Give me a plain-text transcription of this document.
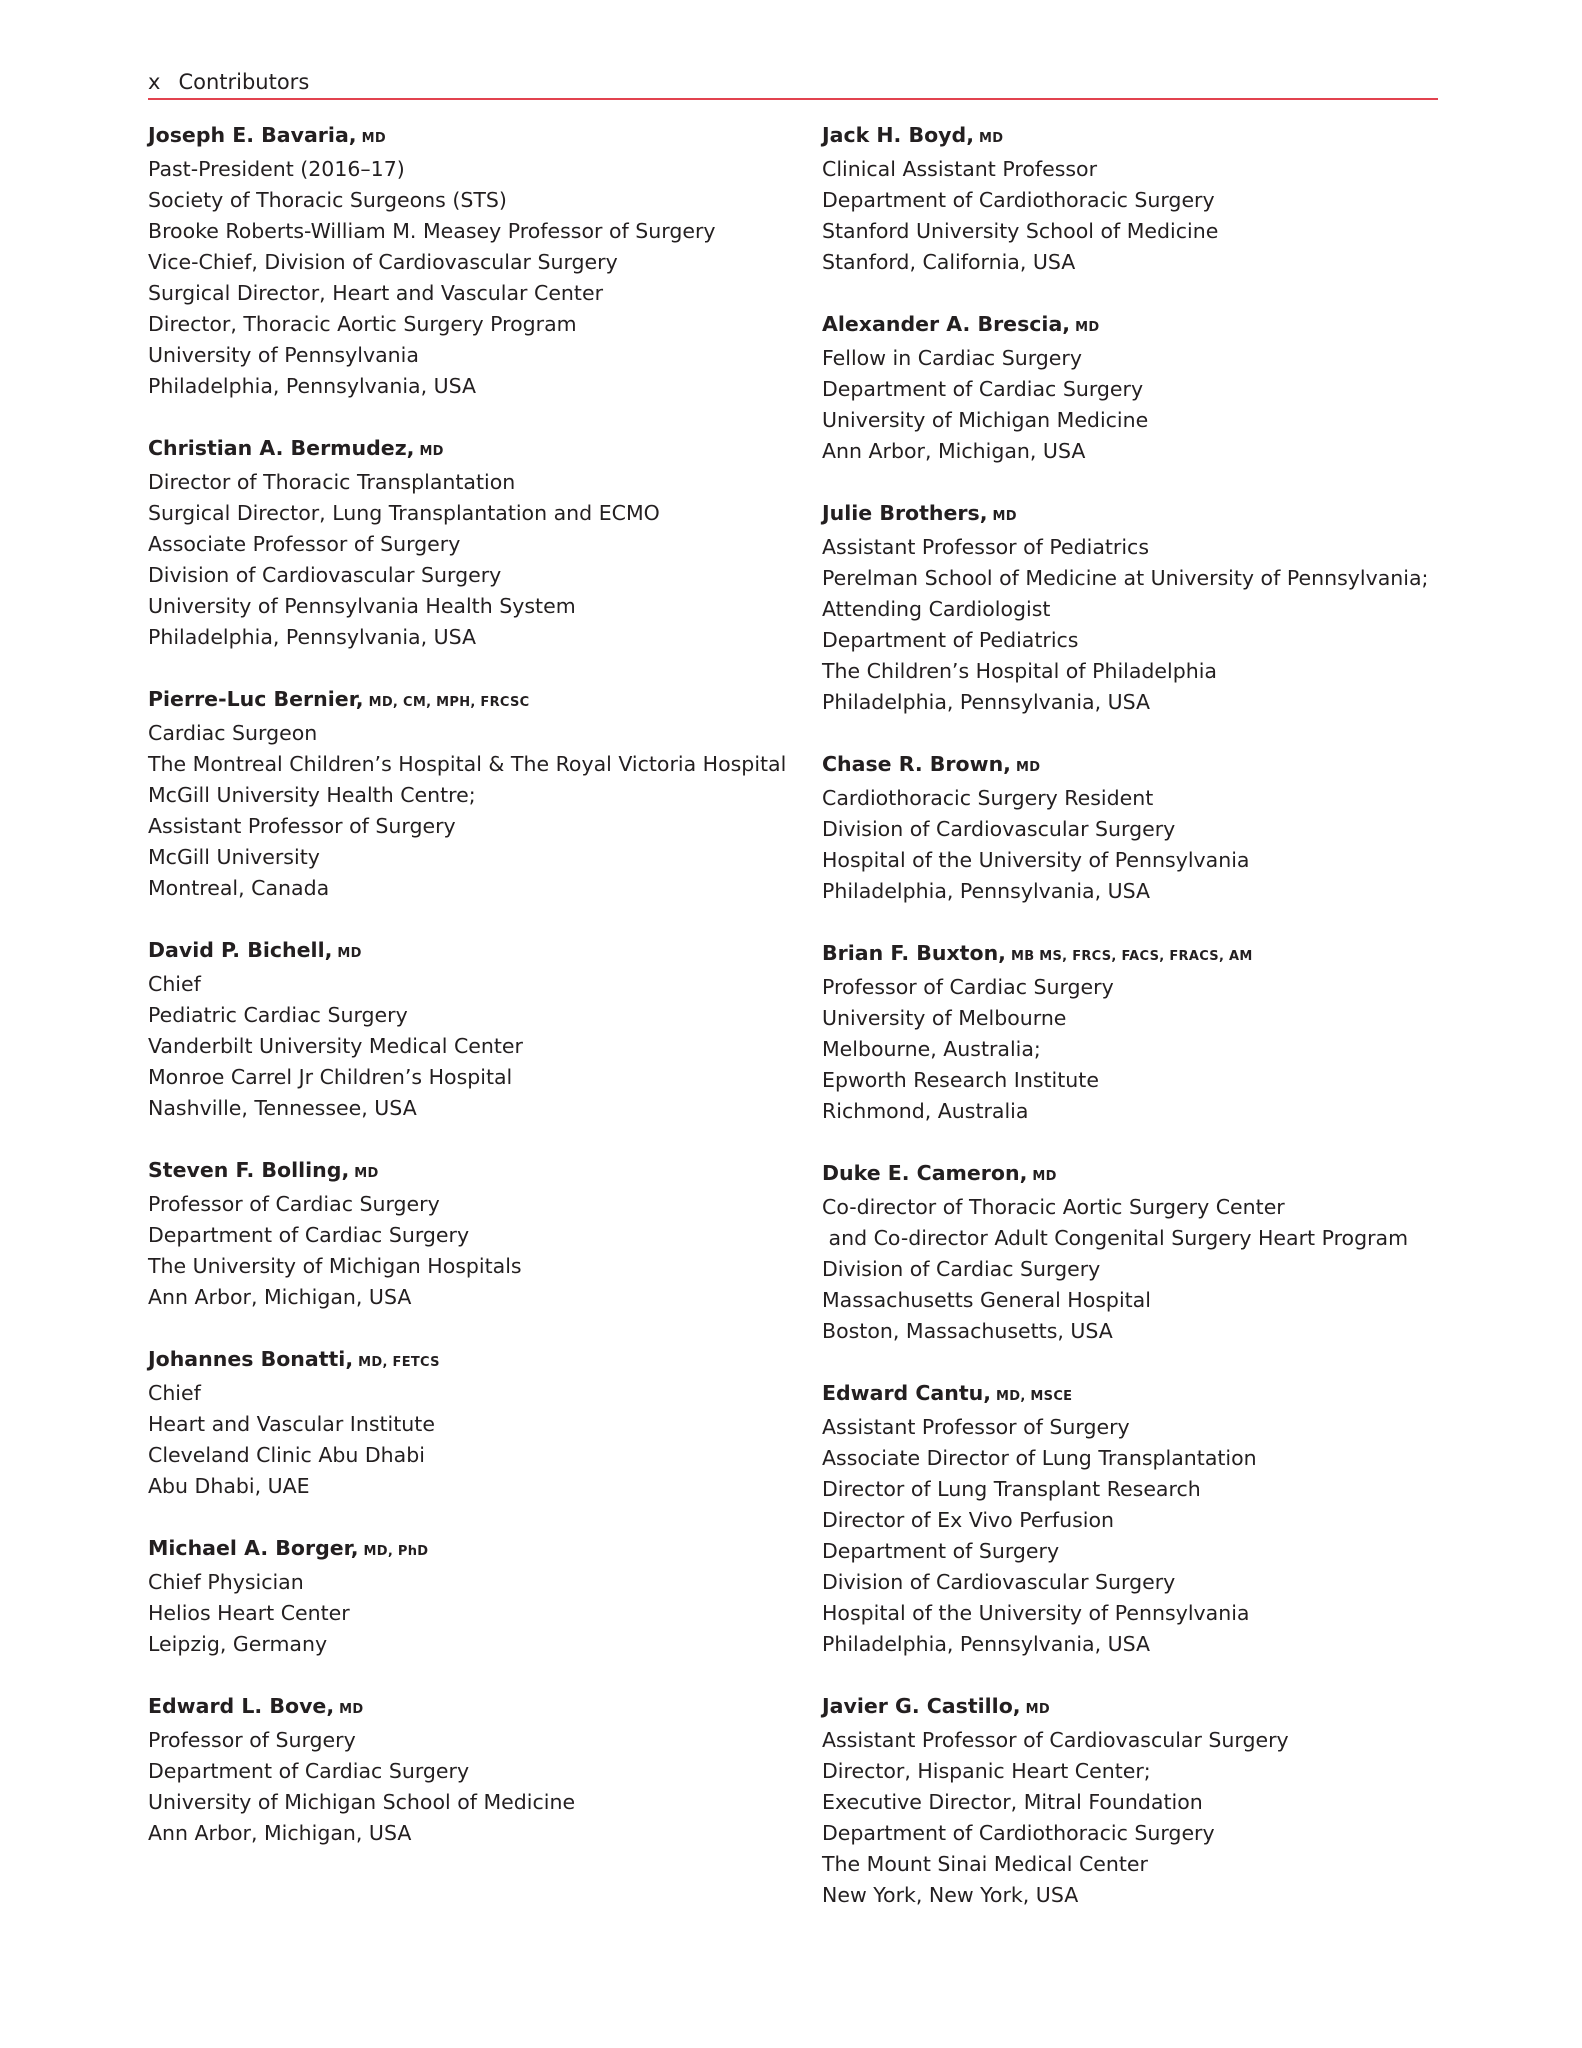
x Contributors
Joseph E. Bavaria, MD
Past-President (2016–17)
Society of Thoracic Surgeons (STS)
Brooke Roberts-William M. Measey Professor of Surgery
Vice-Chief, Division of Cardiovascular Surgery
Surgical Director, Heart and Vascular Center
Director, Thoracic Aortic Surgery Program
University of Pennsylvania
Philadelphia, Pennsylvania, USA
Christian A. Bermudez, MD
Director of Thoracic Transplantation
Surgical Director, Lung Transplantation and ECMO
Associate Professor of Surgery
Division of Cardiovascular Surgery
University of Pennsylvania Health System
Philadelphia, Pennsylvania, USA
Pierre-Luc Bernier, MD, CM, MPH, FRCSC
Cardiac Surgeon
The Montreal Children’s Hospital & The Royal Victoria Hospital
McGill University Health Centre;
Assistant Professor of Surgery
McGill University
Montreal, Canada
David P. Bichell, MD
Chief
Pediatric Cardiac Surgery
Vanderbilt University Medical Center
Monroe Carrel Jr Children’s Hospital
Nashville, Tennessee, USA
Steven F. Bolling, MD
Professor of Cardiac Surgery
Department of Cardiac Surgery
The University of Michigan Hospitals
Ann Arbor, Michigan, USA
Johannes Bonatti, MD, FETCS
Chief
Heart and Vascular Institute
Cleveland Clinic Abu Dhabi
Abu Dhabi, UAE
Michael A. Borger, MD, PhD
Chief Physician
Helios Heart Center
Leipzig, Germany
Edward L. Bove, MD
Professor of Surgery
Department of Cardiac Surgery
University of Michigan School of Medicine
Ann Arbor, Michigan, USA
Jack H. Boyd, MD
Clinical Assistant Professor
Department of Cardiothoracic Surgery
Stanford University School of Medicine
Stanford, California, USA
Alexander A. Brescia, MD
Fellow in Cardiac Surgery
Department of Cardiac Surgery
University of Michigan Medicine
Ann Arbor, Michigan, USA
Julie Brothers, MD
Assistant Professor of Pediatrics
Perelman School of Medicine at University of Pennsylvania;
Attending Cardiologist
Department of Pediatrics
The Children’s Hospital of Philadelphia
Philadelphia, Pennsylvania, USA
Chase R. Brown, MD
Cardiothoracic Surgery Resident
Division of Cardiovascular Surgery
Hospital of the University of Pennsylvania
Philadelphia, Pennsylvania, USA
Brian F. Buxton, MB MS, FRCS, FACS, FRACS, AM
Professor of Cardiac Surgery
University of Melbourne
Melbourne, Australia;
Epworth Research Institute
Richmond, Australia
Duke E. Cameron, MD
Co-director of Thoracic Aortic Surgery Center
and Co-director Adult Congenital Surgery Heart Program
Division of Cardiac Surgery
Massachusetts General Hospital
Boston, Massachusetts, USA
Edward Cantu, MD, MSCE
Assistant Professor of Surgery
Associate Director of Lung Transplantation
Director of Lung Transplant Research
Director of Ex Vivo Perfusion
Department of Surgery
Division of Cardiovascular Surgery
Hospital of the University of Pennsylvania
Philadelphia, Pennsylvania, USA
Javier G. Castillo, MD
Assistant Professor of Cardiovascular Surgery
Director, Hispanic Heart Center;
Executive Director, Mitral Foundation
Department of Cardiothoracic Surgery
The Mount Sinai Medical Center
New York, New York, USA
